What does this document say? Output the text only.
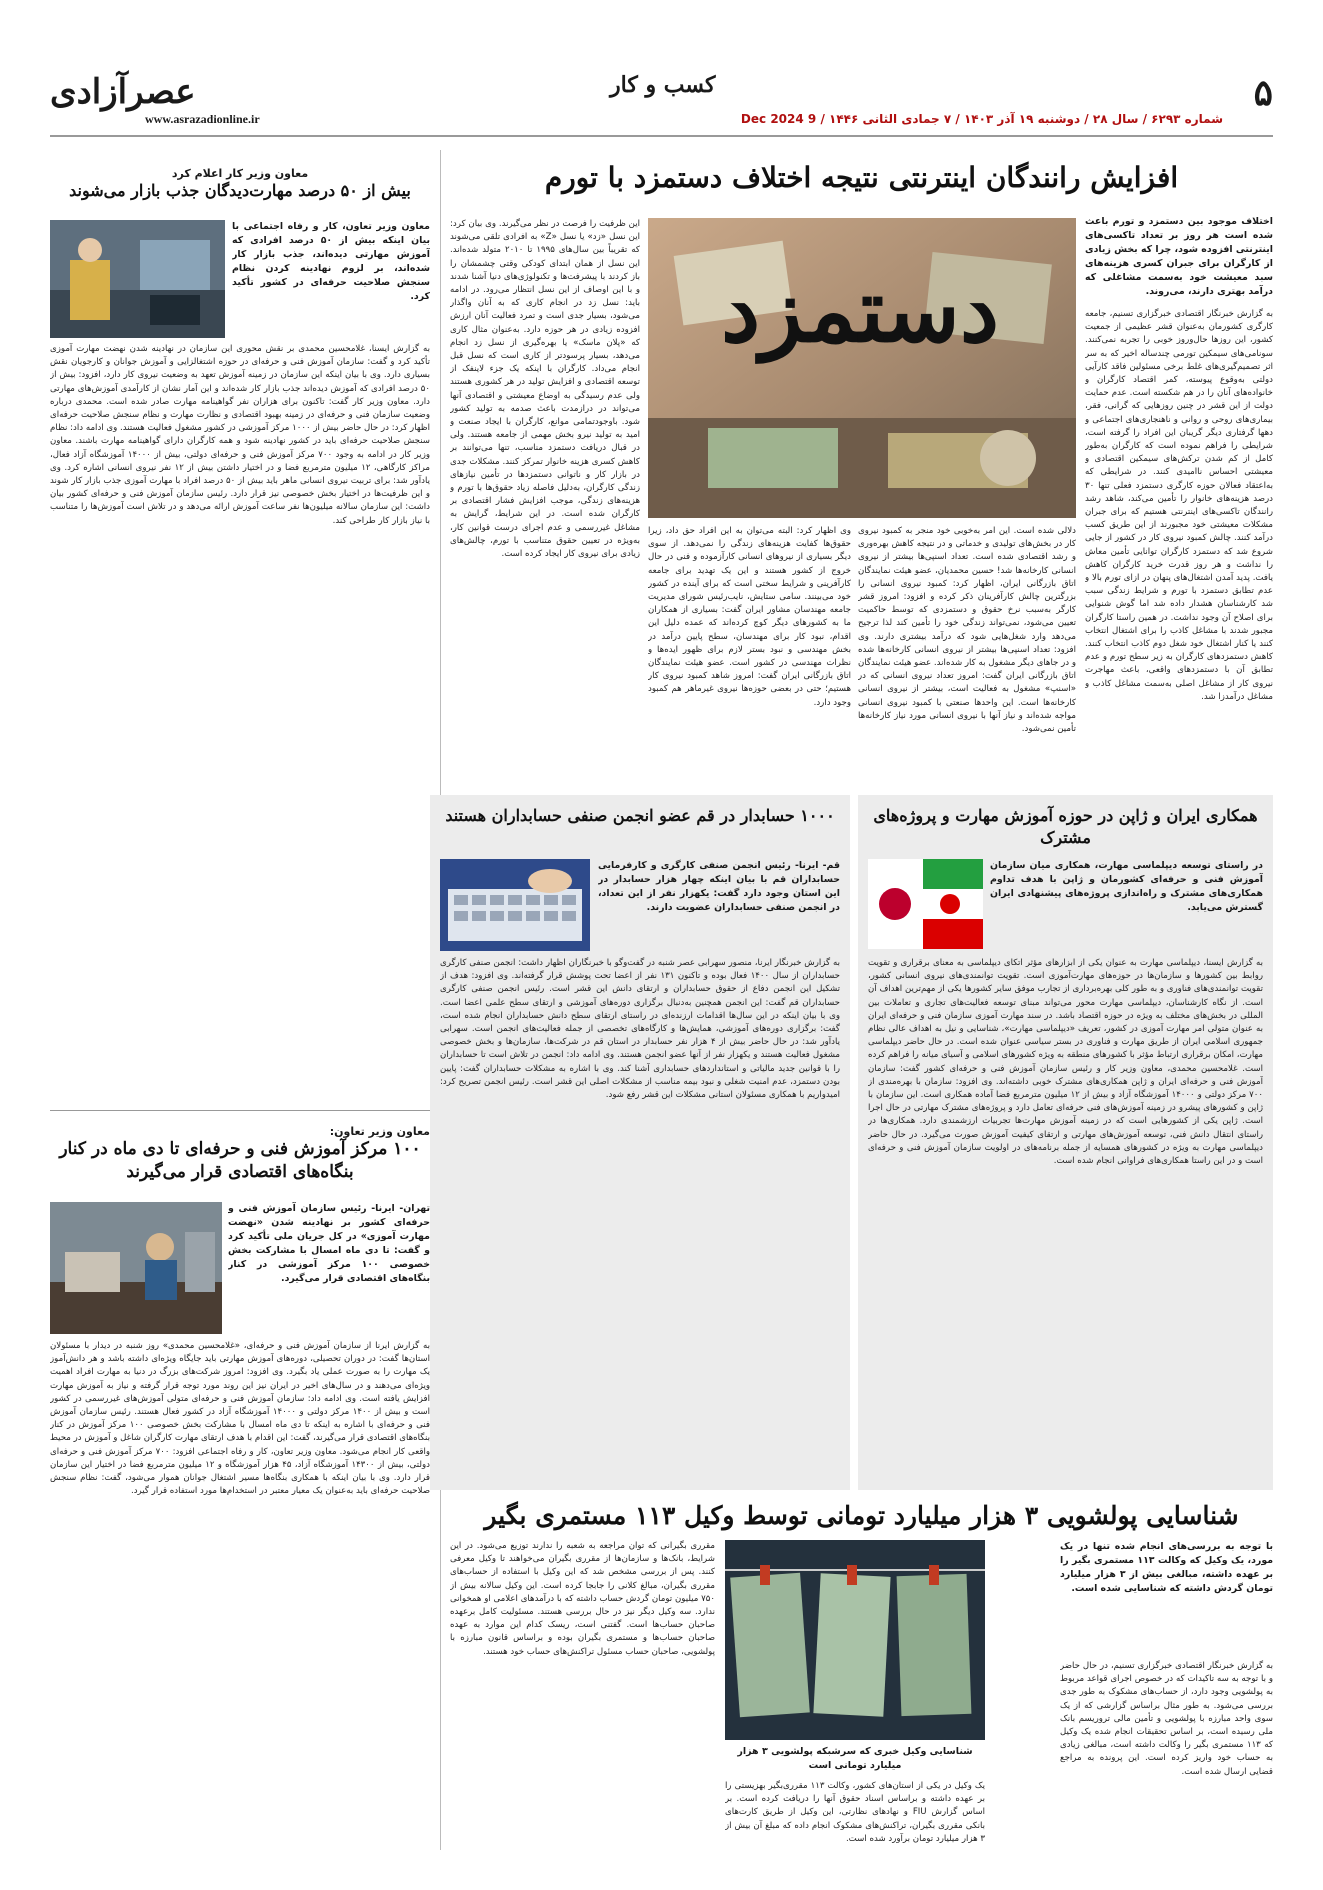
۵
کسب و کار
عصرآزادی
www.asrazadionline.ir	شماره ۶۲۹۳ / سال ۲۸ / دوشنبه ۱۹ آذر ۱۴۰۳ / ۷ جمادی الثانی ۱۴۴۶ / 9 Dec 2024
معاون وزیر کار اعلام کرد
بیش از ۵۰ درصد مهارت‌دیدگان جذب بازار می‌شوند
معاون وزیر تعاون، کار و رفاه اجتماعی با بیان اینکه بیش از ۵۰ درصد افرادی که آموزش مهارتی دیده‌اند، جذب بازار کار شده‌اند، بر لزوم نهادینه کردن نظام سنجش صلاحیت حرفه‌ای در کشور تأکید کرد.
به گزارش ایسنا، غلامحسین محمدی بر نقش محوری این سازمان در نهادینه شدن نهضت مهارت آموزی تأکید کرد و گفت: سازمان آموزش فنی و حرفه‌ای در حوزه اشتغالزایی و آموزش جوانان و کارجویان نقش بسیاری دارد. وی با بیان اینکه این سازمان در زمینه آموزش تعهد به وضعیت نیروی کار دارد، افزود: بیش از ۵۰ درصد افرادی که آموزش دیده‌اند جذب بازار کار شده‌اند و این آمار نشان از کارآمدی آموزش‌های مهارتی دارد. معاون وزیر کار گفت: تاکنون برای هزاران نفر گواهینامه مهارت صادر شده است. محمدی درباره وضعیت سازمان فنی و حرفه‌ای در زمینه بهبود اقتصادی و نظارت مهارت و نظام سنجش صلاحیت حرفه‌ای اظهار کرد: در حال حاضر بیش از ۱۰۰۰ مرکز آموزشی در کشور مشغول فعالیت هستند. وی ادامه داد: نظام سنجش صلاحیت حرفه‌ای باید در کشور نهادینه شود و همه کارگران دارای گواهینامه مهارت باشند. معاون وزیر کار در ادامه به وجود ۷۰۰ مرکز آموزش فنی و حرفه‌ای دولتی، بیش از ۱۴۰۰۰ آموزشگاه آزاد فعال، مراکز کارگاهی، ۱۲ میلیون مترمربع فضا و در اختیار داشتن بیش از ۱۲ نفر نیروی انسانی اشاره کرد. وی یادآور شد: برای تربیت نیروی انسانی ماهر باید بیش از ۵۰ درصد افراد با مهارت آموزی جذب بازار کار شوند و این ظرفیت‌ها در اختیار بخش خصوصی نیز قرار دارد. رئیس سازمان آموزش فنی و حرفه‌ای کشور بیان داشت: این سازمان سالانه میلیون‌ها نفر ساعت آموزش ارائه می‌دهد و در تلاش است آموزش‌ها را متناسب با نیاز بازار کار طراحی کند.
معاون وزیر تعاون:
۱۰۰ مرکز آموزش فنی و حرفه‌ای تا دی ماه در کنار بنگاه‌های اقتصادی قرار می‌گیرند
تهران- ایرنا- رئیس سازمان آموزش فنی و حرفه‌ای کشور بر نهادینه شدن «نهضت مهارت آموزی» در کل جریان ملی تأکید کرد و گفت: تا دی ماه امسال با مشارکت بخش خصوصی ۱۰۰ مرکز آموزشی در کنار بنگاه‌های اقتصادی قرار می‌گیرد.
به گزارش ایرنا از سازمان آموزش فنی و حرفه‌ای، «غلامحسین محمدی» روز شنبه در دیدار با مسئولان استان‌ها گفت: در دوران تحصیلی، دوره‌های آموزش مهارتی باید جایگاه ویژه‌ای داشته باشد و هر دانش‌آموز یک مهارت را به صورت عملی یاد بگیرد. وی افزود: امروز شرکت‌های بزرگ در دنیا به مهارت افراد اهمیت ویژه‌ای می‌دهند و در سال‌های اخیر در ایران نیز این روند مورد توجه قرار گرفته و نیاز به آموزش مهارت افزایش یافته است. وی ادامه داد: سازمان آموزش فنی و حرفه‌ای متولی آموزش‌های غیررسمی در کشور است و بیش از ۱۴۰۰ مرکز دولتی و ۱۴۰۰۰ آموزشگاه آزاد در کشور فعال هستند. رئیس سازمان آموزش فنی و حرفه‌ای با اشاره به اینکه تا دی ماه امسال با مشارکت بخش خصوصی ۱۰۰ مرکز آموزش در کنار بنگاه‌های اقتصادی قرار می‌گیرند، گفت: این اقدام با هدف ارتقای مهارت کارگران شاغل و آموزش در محیط واقعی کار انجام می‌شود. معاون وزیر تعاون، کار و رفاه اجتماعی افزود: ۷۰۰ مرکز آموزش فنی و حرفه‌ای دولتی، بیش از ۱۴۳۰۰ آموزشگاه آزاد، ۴۵ هزار آموزشگاه و ۱۲ میلیون مترمربع فضا در اختیار این سازمان قرار دارد. وی با بیان اینکه با همکاری بنگاه‌ها مسیر اشتغال جوانان هموار می‌شود، گفت: نظام سنجش صلاحیت حرفه‌ای باید به‌عنوان یک معیار معتبر در استخدام‌ها مورد استفاده قرار گیرد.
افزایش رانندگان اینترنتی نتیجه اختلاف دستمزد با تورم
اختلاف موجود بین دستمزد و تورم باعث شده است هر روز بر تعداد تاکسی‌های اینترنتی افزوده شود، چرا که بخش زیادی از کارگران برای جبران کسری هزینه‌های سبد معیشت خود به‌سمت مشاغلی که درآمد بهتری دارند، می‌روند.
به گزارش خبرنگار اقتصادی خبرگزاری تسنیم، جامعه کارگری کشورمان به‌عنوان قشر عظیمی از جمعیت کشور، این روزها حال‌وروز خوبی را تجربه نمی‌کنند. سونامی‌های سیمکین تورمی چندساله اخیر که به سر اثر تصمیم‌گیری‌های غلط برخی مسئولین فاقد کارآیی دولتی به‌وقوع پیوسته، کمر اقتصاد کارگران و خانواده‌های آنان را در هم شکسته است. عدم حمایت دولت از این قشر در چنین روزهایی که گرانی، فقر، بیماری‌های روحی و روانی و ناهنجاری‌های اجتماعی و دهها گرفتاری دیگر گریبان این افراد را گرفته است، شرایطی را فراهم نموده است که کارگران به‌طور کامل از کم شدن ترکش‌های سیمکین اقتصادی و معیشتی احساس ناامیدی کنند. در شرایطی که به‌اعتقاد فعالان حوزه کارگری دستمزد فعلی تنها ۳۰ درصد هزینه‌های خانوار را تأمین می‌کند، شاهد رشد رانندگان تاکسی‌های اینترنتی هستیم که برای جبران مشکلات معیشتی خود مجبورند از این طریق کسب درآمد کنند. چالش کمبود نیروی کار در کشور از جایی شروع شد که دستمزد کارگران توانایی تأمین معاش را نداشت و هر روز قدرت خرید کارگران کاهش یافت. پدید آمدن اشتغال‌های پنهان در ازای تورم بالا و عدم تطابق دستمزد با تورم و شرایط زندگی سبب شد کارشناسان هشدار داده شد اما گوش شنوایی برای اصلاح آن وجود نداشت. در همین راستا کارگران مجبور شدند با مشاغل کاذب را برای اشتغال انتخاب کنند یا کنار اشتغال خود شغل دوم کاذب انتخاب کنند. کاهش دستمزدهای کارگران به زیر سطح تورم و عدم تطابق آن با دستمزد‌های واقعی، باعث مهاجرت نیروی کار از مشاغل اصلی به‌سمت مشاغل کاذب و مشاغل درآمدزا شد.
دستمزد
دلالی شده است. این امر به‌خوبی خود منجر به کمبود نیروی کار در بخش‌های تولیدی و خدماتی و در نتیجه کاهش بهره‌وری و رشد اقتصادی شده است. تعداد اسنپی‌ها بیشتر از نیروی انسانی کارخانه‌ها شد! حسین محمدیان، عضو هیئت نمایندگان اتاق بازرگانی ایران، اظهار کرد: کمبود نیروی انسانی را بزرگترین چالش کارآفرینان ذکر کرده و افزود: امروز قشر کارگر به‌سبب نرخ حقوق و دستمزدی که توسط حاکمیت تعیین می‌شود، نمی‌تواند زندگی خود را تأمین کند لذا ترجیح می‌دهد وارد شغل‌هایی شود که درآمد بیشتری دارند. وی افزود: تعداد اسنپی‌ها بیشتر از نیروی انسانی کارخانه‌ها شده و در جاهای دیگر مشغول به کار شده‌اند. عضو هیئت نمایندگان اتاق بازرگانی ایران گفت: امروز تعداد نیروی انسانی که در «اسنپ» مشغول به فعالیت است، بیشتر از نیروی انسانی کارخانه‌ها است. این واحدها صنعتی با کمبود نیروی انسانی مواجه شده‌اند و نیاز آنها با نیروی انسانی مورد نیاز کارخانه‌ها تأمین نمی‌شود.
وی اظهار کرد: البته می‌توان به این افراد حق داد، زیرا حقوق‌ها کفایت هزینه‌های زندگی را نمی‌دهد. از سوی دیگر بسیاری از نیروهای انسانی کارآزموده و فنی در حال خروج از کشور هستند و این یک تهدید برای جامعه کارآفرینی و شرایط سختی است که برای آینده در کشور خود می‌بینند. سامی ستایش، نایب‌رئیس شورای مدیریت جامعه مهندسان مشاور ایران گفت: بسیاری از همکاران ما به کشورهای دیگر کوچ کرده‌اند که عمده دلیل این اقدام، نبود کار برای مهندسان، سطح پایین درآمد در بخش مهندسی و نبود بستر لازم برای ظهور ایده‌ها و نظرات مهندسی در کشور است. عضو هیئت نمایندگان اتاق بازرگانی ایران گفت: امروز شاهد کمبود نیروی کار هستیم؛ حتی در بعضی حوزه‌ها نیروی غیرماهر هم کمبود وجود دارد.
این ظرفیت را فرصت در نظر می‌گیرند. وی بیان کرد: این نسل «زد» یا نسل «Z» به افرادی تلقی می‌شوند که تقریباً بین سال‌های ۱۹۹۵ تا ۲۰۱۰ متولد شده‌اند. این نسل از همان ابتدای کودکی وقتی چشمشان را باز کردند با پیشرفت‌ها و تکنولوژی‌های دنیا آشنا شدند و با این اوصاف از این نسل انتظار می‌رود. در ادامه باید: نسل زد در انجام کاری که به آنان واگذار می‌شود، بسیار جدی است و تمرد فعالیت آنان ارزش افزوده زیادی در هر حوزه دارد. به‌عنوان مثال کاری که «پلان ماسک» یا بهره‌گیری از نسل زد انجام می‌دهد، بسیار پرسودتر از کاری است که نسل قبل انجام می‌داد. کارگران با اینکه یک جزء لاینفک از توسعه اقتصادی و افزایش تولید در هر کشوری هستند ولی عدم رسیدگی به اوضاع معیشتی و اقتصادی آنها می‌تواند در درازمدت باعث صدمه به تولید کشور شود. باوجودتمامی موانع، کارگران با ایجاد صنعت و امید به تولید نیرو بخش مهمی از جامعه هستند. ولی در قبال دریافت دستمزد مناسب، تنها می‌توانند بر کاهش کسری هزینه خانوار تمرکز کنند. مشکلات جدی در بازار کار و ناتوانی دستمزدها در تأمین نیازهای زندگی کارگران، به‌دلیل فاصله زیاد حقوق‌ها با تورم و هزینه‌های زندگی، موجب افزایش فشار اقتصادی بر کارگران شده است. در این شرایط، گرایش به مشاغل غیررسمی و عدم اجرای درست قوانین کار، به‌ویژه در تعیین حقوق متناسب با تورم، چالش‌های زیادی برای نیروی کار ایجاد کرده است.
همکاری ایران و ژاپن در حوزه آموزش مهارت و پروژه‌های مشترک
در راستای توسعه دیپلماسی مهارت، همکاری میان سازمان آموزش فنی و حرفه‌ای کشورمان و ژاپن با هدف تداوم همکاری‌های مشترک و راه‌اندازی پروژه‌های پیشنهادی ایران گسترش می‌یابد.
به گزارش ایسنا، دیپلماسی مهارت به عنوان یکی از ابزارهای مؤثر اتکای دیپلماسی به معنای برقراری و تقویت روابط بین کشورها و سازمان‌ها در حوزه‌های مهارت‌آموزی است. تقویت توانمندی‌های نیروی انسانی کشور، تقویت توانمندی‌های فناوری و به طور کلی بهره‌برداری از تجارب موفق سایر کشورها یکی از مهم‌ترین اهداف آن است. از نگاه کارشناسان، دیپلماسی مهارت محور می‌تواند مبنای توسعه فعالیت‌های تجاری و تعاملات بین المللی در بخش‌های مختلف به ویژه در حوزه اقتصاد باشد. در سند مهارت آموزی سازمان فنی و حرفه‌ای ایران به عنوان متولی امر مهارت آموزی در کشور، تعریف «دیپلماسی مهارت»، شناسایی و نیل به اهداف عالی نظام جمهوری اسلامی ایران از طریق مهارت و فناوری در بستر سیاسی عنوان شده است. در حال حاضر دیپلماسی مهارت، امکان برقراری ارتباط مؤثر با کشورهای منطقه به ویژه کشورهای اسلامی و آسیای میانه را فراهم کرده است. غلامحسین محمدی، معاون وزیر کار و رئیس سازمان آموزش فنی و حرفه‌ای کشور گفت: سازمان آموزش فنی و حرفه‌ای ایران و ژاپن همکاری‌های مشترک خوبی داشته‌اند. وی افزود: سازمان با بهره‌مندی از ۷۰۰ مرکز دولتی و ۱۴۰۰۰ آموزشگاه آزاد و بیش از ۱۲ میلیون مترمربع فضا آماده همکاری است. این سازمان با ژاپن و کشورهای پیشرو در زمینه آموزش‌های فنی حرفه‌ای تعامل دارد و پروژه‌های مشترک مهارتی در حال اجرا است. ژاپن یکی از کشورهایی است که در زمینه آموزش مهارت‌ها تجربیات ارزشمندی دارد. همکاری‌ها در راستای انتقال دانش فنی، توسعه آموزش‌های مهارتی و ارتقای کیفیت آموزش صورت می‌گیرد. در حال حاضر دیپلماسی مهارت به ویژه در کشورهای همسایه از جمله برنامه‌های در اولویت سازمان آموزش فنی و حرفه‌ای است و در این راستا همکاری‌های فراوانی انجام شده است.
۱۰۰۰ حسابدار در قم عضو انجمن صنفی حسابداران هستند
قم- ایرنا- رئیس انجمن صنفی کارگری و کارفرمایی حسابداران قم با بیان اینکه چهار هزار حسابدار در این استان وجود دارد گفت: یکهزار نفر از این تعداد، در انجمن صنفی حسابداران عضویت دارند.
به گزارش خبرنگار ایرنا، منصور سهرابی عصر شنبه در گفت‌وگو با خبرنگاران اظهار داشت: انجمن صنفی کارگری حسابداران از سال ۱۴۰۰ فعال بوده و تاکنون ۱۳۱ نفر از اعضا تحت پوشش قرار گرفته‌اند. وی افزود: هدف از تشکیل این انجمن دفاع از حقوق حسابداران و ارتقای دانش این قشر است. رئیس انجمن صنفی کارگری حسابداران قم گفت: این انجمن همچنین به‌دنبال برگزاری دوره‌های آموزشی و ارتقای سطح علمی اعضا است. وی با بیان اینکه در این سال‌ها اقدامات ارزنده‌ای در راستای ارتقای سطح دانش حسابداران انجام شده است، گفت: برگزاری دوره‌های آموزشی، همایش‌ها و کارگاه‌های تخصصی از جمله فعالیت‌های انجمن است. سهرابی یادآور شد: در حال حاضر بیش از ۴ هزار نفر حسابدار در استان قم در شرکت‌ها، سازمان‌ها و بخش خصوصی مشغول فعالیت هستند و یکهزار نفر از آنها عضو انجمن هستند. وی ادامه داد: انجمن در تلاش است تا حسابداران را با قوانین جدید مالیاتی و استانداردهای حسابداری آشنا کند. وی با اشاره به مشکلات حسابداران گفت: پایین بودن دستمزد، عدم امنیت شغلی و نبود بیمه مناسب از مشکلات اصلی این قشر است. رئیس انجمن تصریح کرد: امیدواریم با همکاری مسئولان استانی مشکلات این قشر رفع شود.
شناسایی پولشویی ۳ هزار میلیارد تومانی توسط وکیل ۱۱۳ مستمری بگیر
با توجه به بررسی‌های انجام شده تنها در یک مورد، یک وکیل که وکالت ۱۱۳ مستمری بگیر را بر عهده داشته، مبالغی بیش از ۳ هزار میلیارد تومان گردش داشته که شناسایی شده است.
به گزارش خبرنگار اقتصادی خبرگزاری تسنیم، در حال حاضر و با توجه به سه تاکیدات که در خصوص اجرای قواعد مربوط به پولشویی وجود دارد، از حساب‌های مشکوک به طور جدی بررسی می‌شود. به طور مثال براساس گزارشی که از یک سوی واحد مبارزه با پولشویی و تأمین مالی تروریسم بانک ملی رسیده است، بر اساس تحقیقات انجام شده یک وکیل که ۱۱۳ مستمری بگیر را وکالت داشته است، مبالغی زیادی به حساب خود واریز کرده است. این پرونده به مراجع قضایی ارسال شده است.
شناسایی وکیل خبری که سرشبکه پولشویی ۳ هزار میلیارد تومانی است
یک وکیل در یکی از استان‌های کشور، وکالت ۱۱۳ مقرری‌بگیر بهزیستی را بر عهده داشته و براساس اسناد حقوق آنها را دریافت کرده است. بر اساس گزارش FIU و نهادهای نظارتی، این وکیل از طریق کارت‌های بانکی مقرری بگیران، تراکنش‌های مشکوک انجام داده که مبلغ آن بیش از ۳ هزار میلیارد تومان برآورد شده است.
مقرری بگیرانی که توان مراجعه به شعبه را ندارند توزیع می‌شود. در این شرایط، بانک‌ها و سازمان‌ها از مقرری بگیران می‌خواهند تا وکیل معرفی کنند. پس از بررسی مشخص شد که این وکیل با استفاده از حساب‌های مقرری بگیران، مبالغ کلانی را جابجا کرده است. این وکیل سالانه بیش از ۷۵۰ میلیون تومان گردش حساب داشته که با درآمدهای اعلامی او همخوانی ندارد. سه وکیل دیگر نیز در حال بررسی هستند. مسئولیت کامل برعهده صاحبان حساب‌ها است. گفتنی است، ریسک کدام این موارد به عهده صاحبان حساب‌ها و مستمری بگیران بوده و براساس قانون مبارزه با پولشویی، صاحبان حساب مسئول تراکنش‌های حساب خود هستند.
